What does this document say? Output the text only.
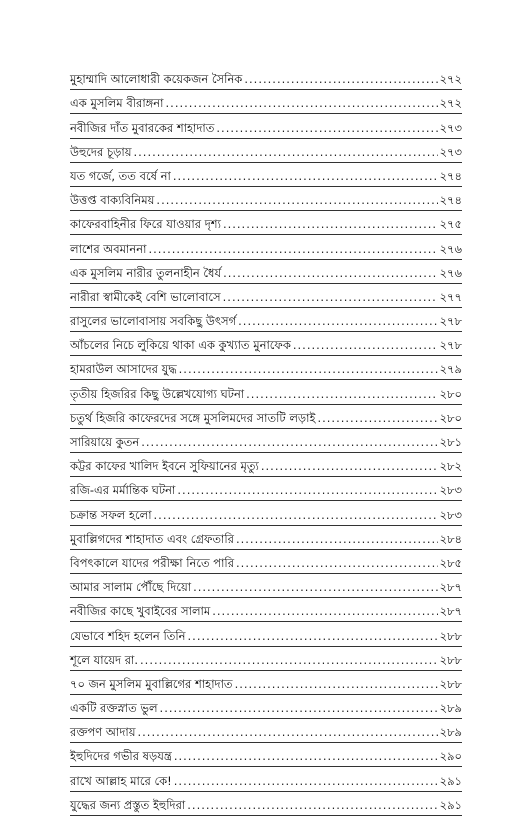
মুহাম্মাদি আলোধারী কয়েকজন সৈনিক .....	২৭২
এক মুসলিম বীরাঙ্গনা .....	২৭২
নবীজির দাঁত মুবারকের শাহাদাত .....	২৭৩
উহুদের চূড়ায় .....	২৭৩
যত গর্জে, তত বর্ষে না .....	২৭৪
উত্তপ্ত বাক্যবিনিময় .....	২৭৪
কাফেরবাহিনীর ফিরে যাওয়ার দৃশ্য .....	২৭৫
লাশের অবমাননা .....	২৭৬
এক মুসলিম নারীর তুলনাহীন ধৈর্য .....	২৭৬
নারীরা স্বামীকেই বেশি ভালোবাসে .....	২৭৭
রাসুলের ভালোবাসায় সবকিছু উৎসর্গ .....	২৭৮
আঁচলের নিচে লুকিয়ে থাকা এক কুখ্যাত মুনাফেক .....	২৭৮
হামরাউল আসাদের যুদ্ধ .....	২৭৯
তৃতীয় হিজরির কিছু উল্লেখযোগ্য ঘটনা .....	২৮০
চতুর্থ হিজরি কাফেরদের সঙ্গে মুসলিমদের সাতটি লড়াই .....	২৮০
সারিয়ায়ে কুতন .....	২৮১
কট্টর কাফের খালিদ ইবনে সুফিয়ানের মৃত্যু .....	২৮২
রজি-এর মর্মান্তিক ঘটনা .....	২৮৩
চক্রান্ত সফল হলো .....	২৮৩
মুবাল্লিগদের শাহাদাত এবং গ্রেফতারি .....	২৮৪
বিপৎকালে যাদের পরীক্ষা নিতে পারি .....	২৮৫
আমার সালাম পৌঁছে দিয়ো .....	২৮৭
নবীজির কাছে খুবাইবের সালাম .....	২৮৭
যেভাবে শহিদ হলেন তিনি .....	২৮৮
শূলে যায়েদ রা. .....	২৮৮
৭০ জন মুসলিম মুবাল্লিগের শাহাদাত .....	২৮৮
একটি রক্তস্নাত ভুল .....	২৮৯
রক্তপণ আদায় .....	২৮৯
ইহুদিদের গভীর ষড়যন্ত্র .....	২৯০
রাখে আল্লাহ মারে কে! .....	২৯১
যুদ্ধের জন্য প্রস্তুত ইহুদিরা .....	২৯১
